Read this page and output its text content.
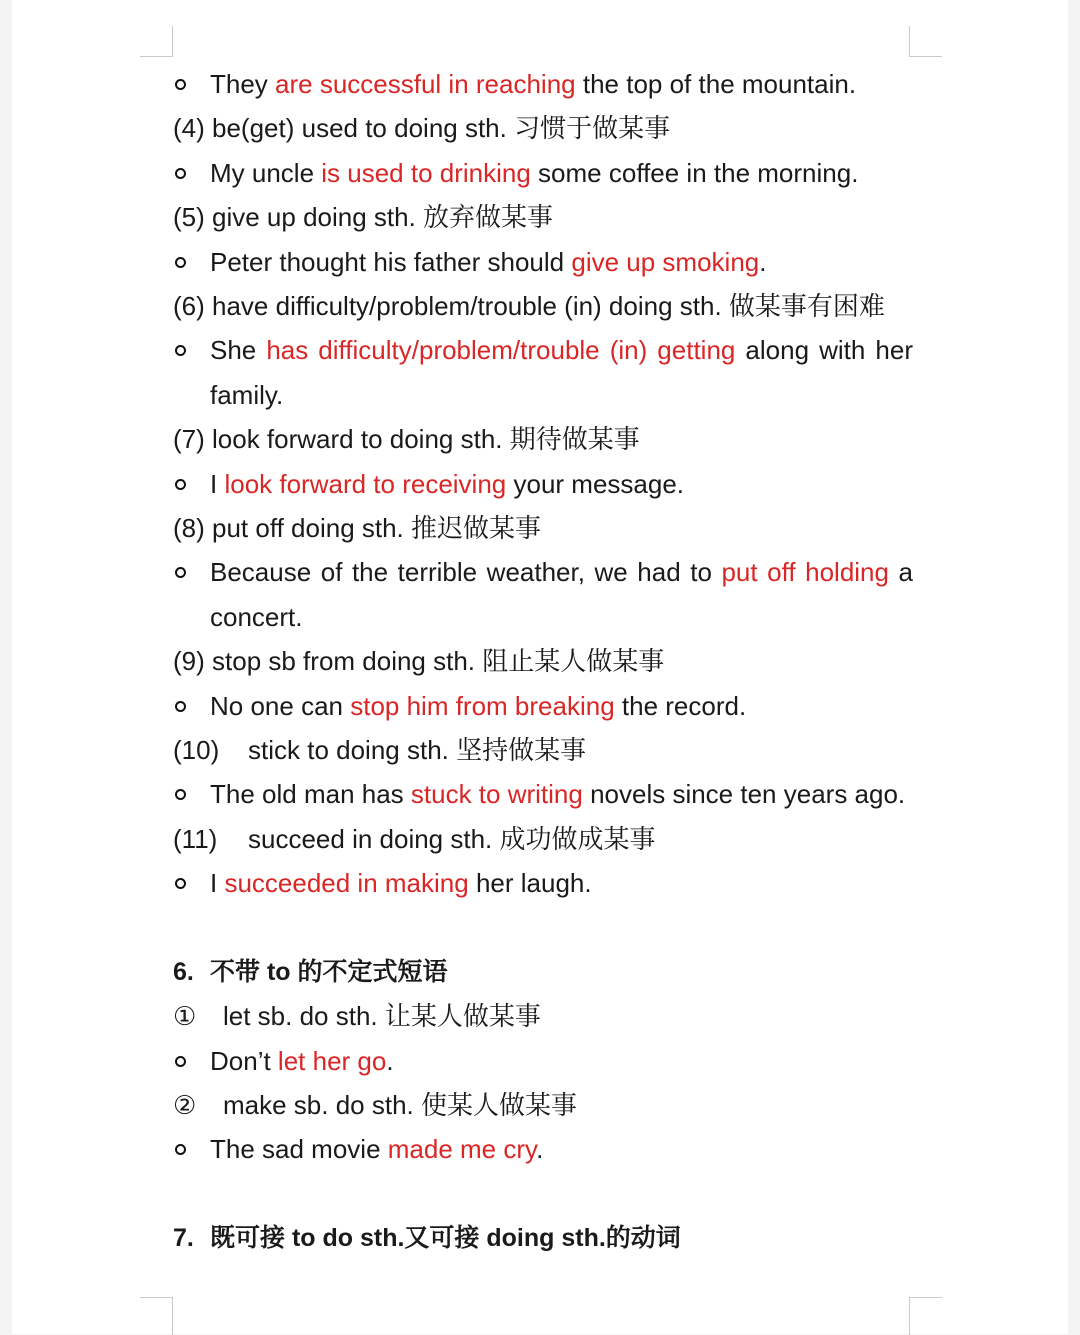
They are successful in reaching the top of the mountain.
(4) be(get) used to doing sth. 习惯于做某事
My uncle is used to drinking some coffee in the morning.
(5) give up doing sth. 放弃做某事
Peter thought his father should give up smoking.
(6) have difficulty/problem/trouble (in) doing sth. 做某事有困难
She has difficulty/problem/trouble (in) getting along with her family.
(7) look forward to doing sth. 期待做某事
I look forward to receiving your message.
(8) put off doing sth. 推迟做某事
Because of the terrible weather, we had to put off holding a concert.
(9) stop sb from doing sth. 阻止某人做某事
No one can stop him from breaking the record.
(10) stick to doing sth. 坚持做某事
The old man has stuck to writing novels since ten years ago.
(11) succeed in doing sth. 成功做成某事
I succeeded in making her laugh.
6. 不带 to 的不定式短语
① let sb. do sth. 让某人做某事
Don’t let her go.
② make sb. do sth. 使某人做某事
The sad movie made me cry.
7. 既可接 to do sth.又可接 doing sth.的动词
